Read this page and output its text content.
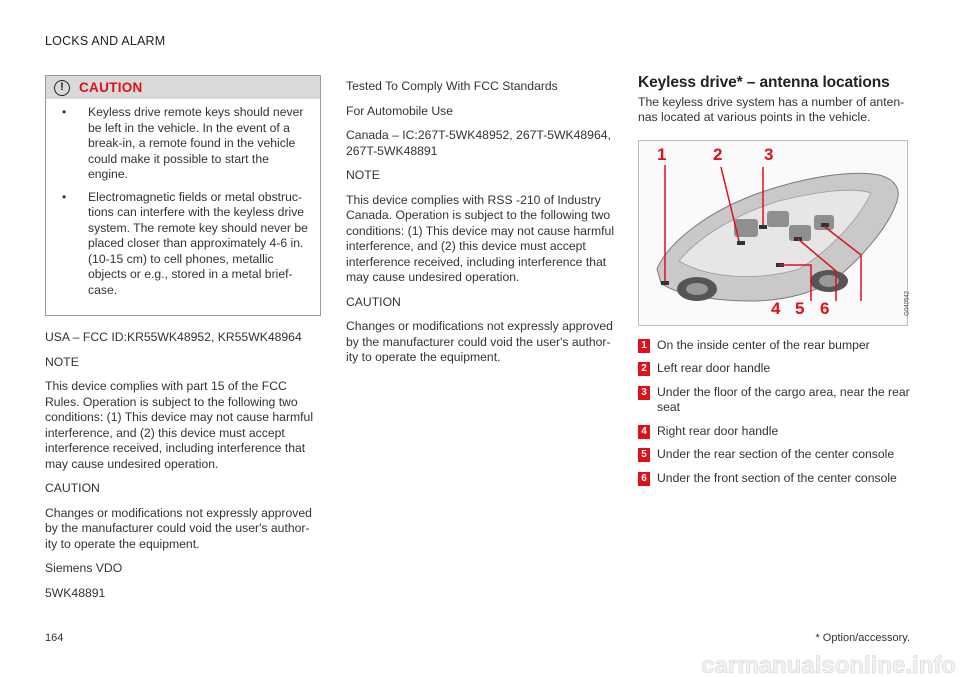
LOCKS AND ALARM
!	CAUTION
•	Keyless drive remote keys should never be left in the vehicle. In the event of a break-in, a remote found in the vehicle could make it possible to start the engine.
•	Electromagnetic fields or metal obstruc-tions can interfere with the keyless drive system. The remote key should never be placed closer than approximately 4-6 in. (10-15 cm) to cell phones, metallic objects or e.g., stored in a metal brief-case.

USA – FCC ID:KR55WK48952, KR55WK48964

NOTE

This device complies with part 15 of the FCC Rules. Operation is subject to the following two conditions: (1) This device may not cause harmful interference, and (2) this device must accept interference received, including interference that may cause undesired operation.

CAUTION

Changes or modifications not expressly approved by the manufacturer could void the user's author-ity to operate the equipment.

Siemens VDO

5WK48891

Tested To Comply With FCC Standards

For Automobile Use

Canada – IC:267T-5WK48952, 267T-5WK48964, 267T-5WK48891

NOTE

This device complies with RSS -210 of Industry Canada. Operation is subject to the following two conditions: (1) This device may not cause harmful interference, and (2) this device must accept interference received, including interference that may cause undesired operation.

CAUTION

Changes or modifications not expressly approved by the manufacturer could void the user's author-ity to operate the equipment.

Keyless drive* – antenna locations

The keyless drive system has a number of anten-nas located at various points in the vehicle.

1	2 3
4 5 6	G040542
1 On the inside center of the rear bumper
2 Left rear door handle
3 Under the floor of the cargo area, near the rear seat
4 Right rear door handle
5 Under the rear section of the center console
6 Under the front section of the center console
164	* Option/accessory.
carmanualsonline.info
